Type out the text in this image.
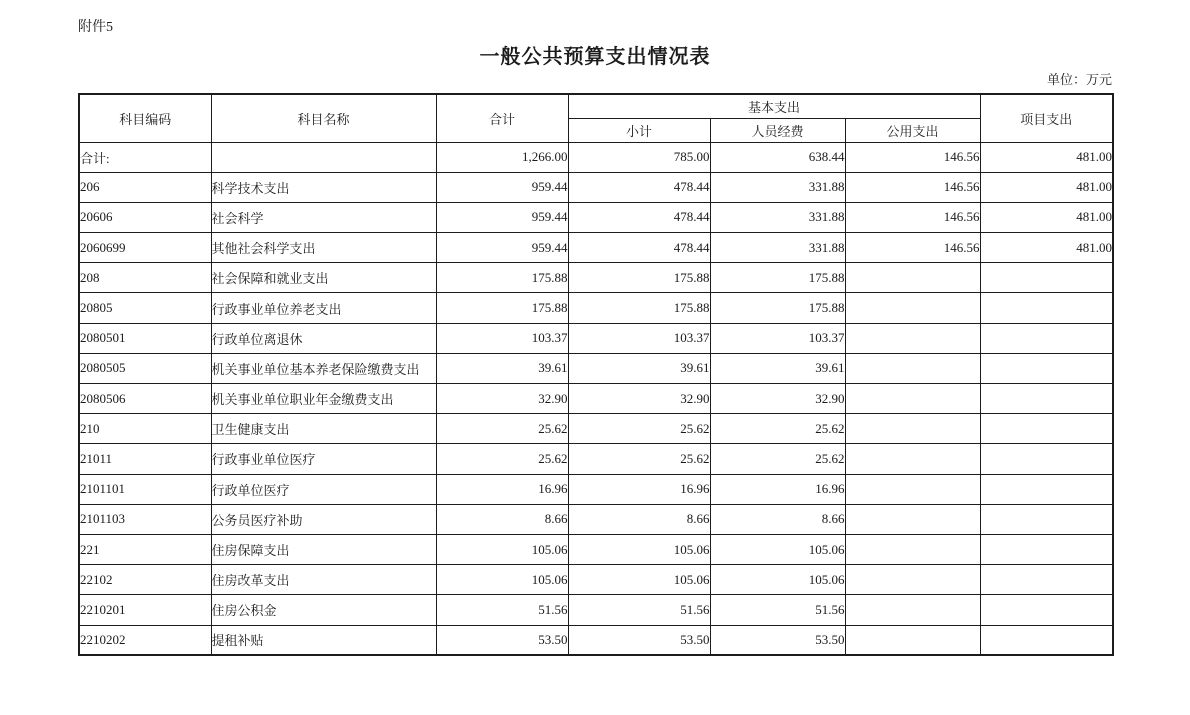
附件5
一般公共预算支出情况表
单位：万元
科目编码	科目名称	合计	基本支出			项目支出
			小计	人员经费	公用支出	
合计:		1,266.00	785.00	638.44	146.56	481.00
206	科学技术支出	959.44	478.44	331.88	146.56	481.00
20606	社会科学	959.44	478.44	331.88	146.56	481.00
2060699	其他社会科学支出	959.44	478.44	331.88	146.56	481.00
208	社会保障和就业支出	175.88	175.88	175.88		
20805	行政事业单位养老支出	175.88	175.88	175.88		
2080501	行政单位离退休	103.37	103.37	103.37		
2080505	机关事业单位基本养老保险缴费支出	39.61	39.61	39.61		
2080506	机关事业单位职业年金缴费支出	32.90	32.90	32.90		
210	卫生健康支出	25.62	25.62	25.62		
21011	行政事业单位医疗	25.62	25.62	25.62		
2101101	行政单位医疗	16.96	16.96	16.96		
2101103	公务员医疗补助	8.66	8.66	8.66		
221	住房保障支出	105.06	105.06	105.06		
22102	住房改革支出	105.06	105.06	105.06		
2210201	住房公积金	51.56	51.56	51.56		
2210202	提租补贴	53.50	53.50	53.50		
